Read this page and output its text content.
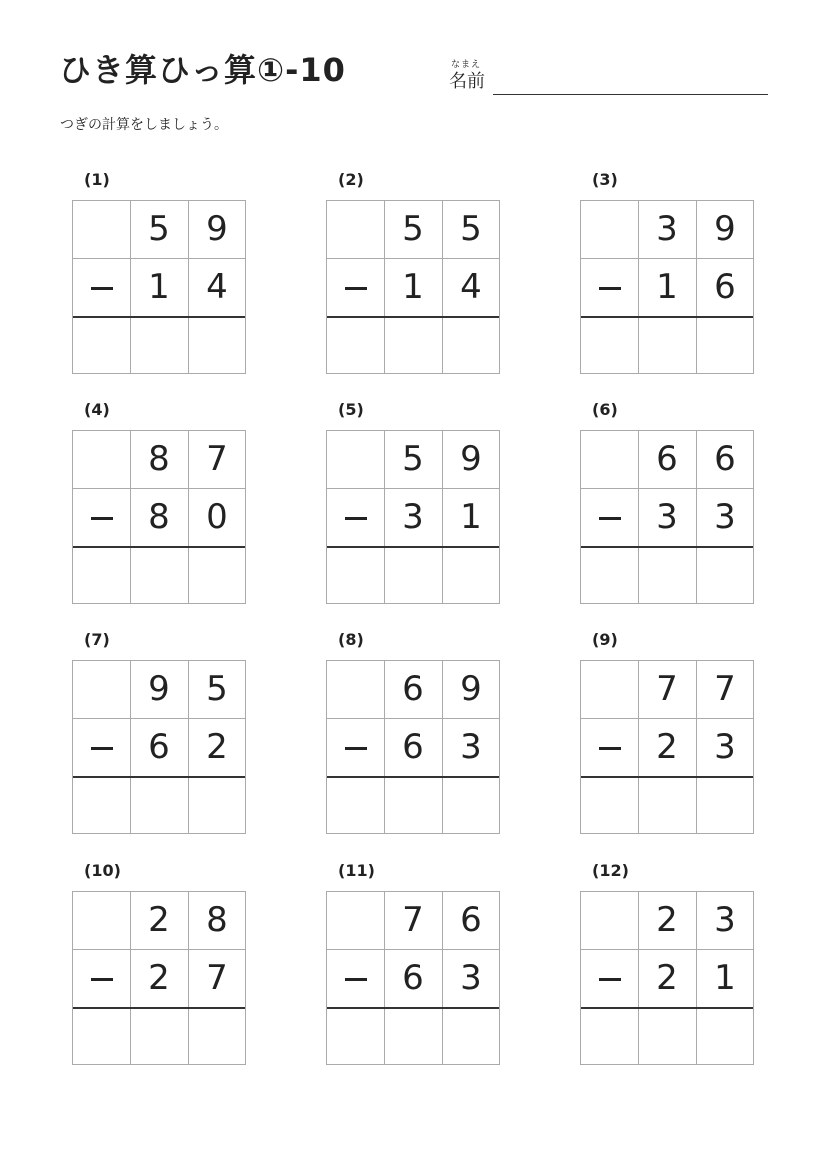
ひき算ひっ算①-10	なまえ
名前
つぎの計算をしましょう。
(1)
5	9
1	4
(2)
5	5
1	4
(3)
3	9
1	6
(4)
8	7
8	0
(5)
5	9
3	1
(6)
6	6
3	3
(7)
9	5
6	2
(8)
6	9
6	3
(9)
7	7
2	3
(10)
2	8
2	7
(11)
7	6
6	3
(12)
2	3
2	1
